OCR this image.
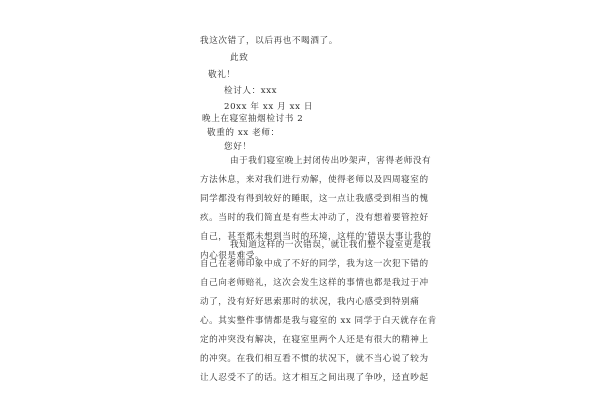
我这次错了，以后再也不喝酒了。
此致
敬礼！
检讨人：xxx
20xx 年 xx 月 xx 日
晚上在寝室抽烟检讨书 2
敬重的 xx 老师：
您好！
由于我们寝室晚上封闭传出吵架声，害得老师没有
方法休息，来对我们进行劝解，使得老师以及四周寝室的
同学都没有得到较好的睡眠，这一点让我感受到相当的愧
疚。当时的我们简直是有些太冲动了，没有想着要管控好
自己，甚至都未想到当时的环境，这样的'错误大事让我的
内心很是难受。
我知道这样的一次错误，就让我们整个寝室更是我
自己在老师印象中成了不好的同学，我为这一次犯下错的
自己向老师赔礼，这次会发生这样的事情也都是我过于冲
动了，没有好好思索那时的状况，我内心感受到特别痛
心。其实整件事情都是我与寝室的 xx 同学于白天就存在肯
定的冲突没有解决，在寝室里两个人还是有很大的精神上
的冲突。在我们相互看不惯的状况下，就不当心说了较为
让人忍受不了的话。这才相互之间出现了争吵，迳直吵起
